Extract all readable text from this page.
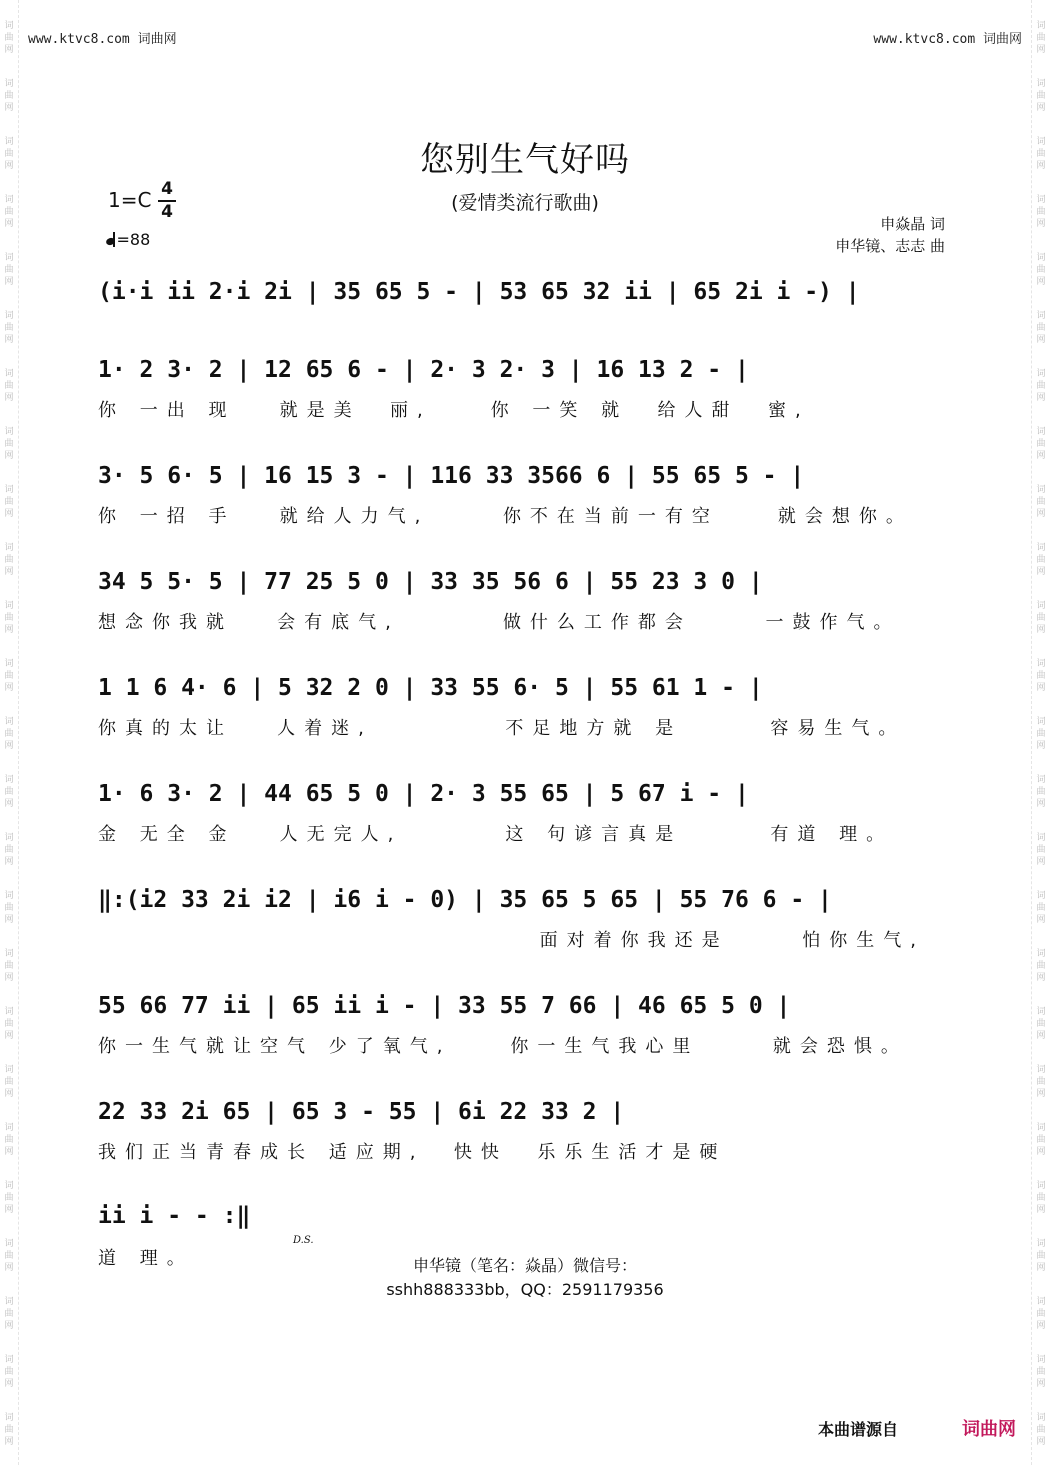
词
曲
网
词
曲
网
词
曲
网
词
曲
网
词
曲
网
词
曲
网
词
曲
网
词
曲
网
词
曲
网
词
曲
网
词
曲
网
词
曲
网
词
曲
网
词
曲
网
词
曲
网
词
曲
网
词
曲
网
词
曲
网
词
曲
网
词
曲
网
词
曲
网
词
曲
网
词
曲
网
词
曲
网
词
曲
网
词
曲
网
词
曲
网
词
曲
网
词
曲
网
词
曲
网
词
曲
网
词
曲
网
词
曲
网
词
曲
网
词
曲
网
词
曲
网
词
曲
网
词
曲
网
词
曲
网
词
曲
网
词
曲
网
词
曲
网
词
曲
网
词
曲
网
词
曲
网
词
曲
网
词
曲
网
词
曲
网
词
曲
网
词
曲
网
www.ktvc8.com 词曲网	www.ktvc8.com 词曲网
您别生气好吗
(爱情类流行歌曲)
1=C 4
4
=88
申焱晶 词
申华镜、志志 曲
(i·i ii 2·i 2i | 35 65 5 - | 53 65 32 ii | 65 2i i -) |
1· 2 3· 2 | 12 65 6 - | 2· 3 2· 3 | 16 13 2 - |
你 一出 现   就是美  丽,    你 一笑 就  给人甜  蜜,
3· 5 6· 5 | 16 15 3 - | 116 33 3566 6 | 55 65 5 - |
你 一招 手   就给人力气,     你不在当前一有空    就会想你。
34 5 5· 5 | 77 25 5 0 | 33 35 56 6 | 55 23 3 0 |
想念你我就   会有底气,       做什么工作都会     一鼓作气。
1 1 6 4· 6 | 5 32 2 0 | 33 55 6· 5 | 55 61 1 - |
你真的太让   人着迷,         不足地方就 是      容易生气。
1· 6 3· 2 | 44 65 5 0 | 2· 3 55 65 | 5 67 i - |
金 无全 金   人无完人,       这 句谚言真是      有道 理。
‖:(i2 33 2i i2 | i6 i - 0) | 35 65 5 65 | 55 76 6 - |
面对着你我还是     怕你生气,
55 66 77 ii | 65 ii i - | 33 55 7 66 | 46 65 5 0 |
你一生气就让空气 少了氧气,    你一生气我心里     就会恐惧。
22 33 2i 65 | 65 3 - 55 | 6i 22 33 2 |
我们正当青春成长 适应期,  快快  乐乐生活才是硬
ii i - - :‖
D.S.
道 理。	申华镜（笔名：焱晶）微信号：
sshh888333bb，QQ：2591179356
本曲谱源自	词曲网
